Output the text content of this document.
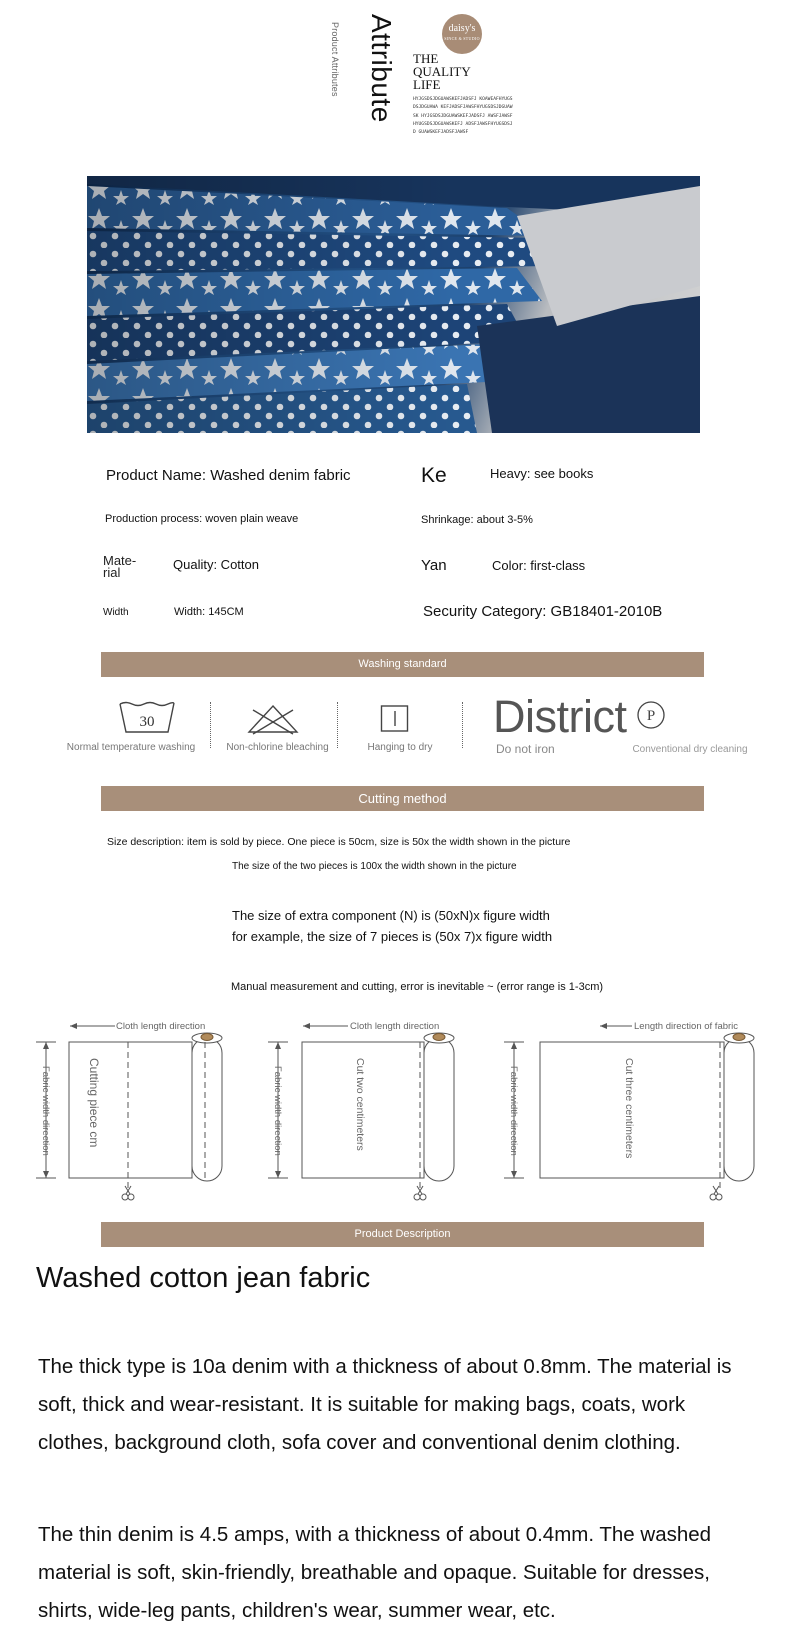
Product Attributes Attribute	daisy's
SINCE & STUDIO
THE
QUALITY
LIFE
HYJGSDSJDGUAWSKEFJADSFJ KOAWEAFHYUGSDSJDGUAWA KEFJADSFJAWSFHYUGSDSJDGUAWSK HYJGSDSJDGUAWSKEFJADSFJ AWSFJAWSFHYUGSDSJDGUAWSKEFJ ADSFJAWSFHYUGSDSJD GUAWSKEFJADSFJAWSF
Product Name: Washed denim fabric	Ke	Heavy: see books
Production process: woven plain weave	Shrinkage: about 3-5%
Mate-
rial
Quality: Cotton	Yan	Color: first-class
Width	Width: 145CM	Security Category: GB18401-2010B
Washing standard
30
Normal temperature washing	Non-chlorine bleaching	Hanging to dry
District
Do not iron
P
Conventional dry cleaning
Cutting method
Size description: item is sold by piece. One piece is 50cm, size is 50x the width shown in the picture
The size of the two pieces is 100x the width shown in the picture
The size of extra component (N) is (50xN)x figure width
for example, the size of 7 pieces is (50x 7)x figure width
Manual measurement and cutting, error is inevitable ~ (error range is 1-3cm)
Cloth length direction
Fabric width direction	Cutting piece cm
Cloth length direction
Fabric width direction	Cut two centimeters
Length direction of fabric
Fabric width direction	Cut three centimeters
Product Description
Washed cotton jean fabric
The thick type is 10a denim with a thickness of about 0.8mm. The material is soft, thick and wear-resistant. It is suitable for making bags, coats, work clothes, background cloth, sofa cover and conventional denim clothing.
The thin denim is 4.5 amps, with a thickness of about 0.4mm. The washed material is soft, skin-friendly, breathable and opaque. Suitable for dresses, shirts, wide-leg pants, children's wear, summer wear, etc.
